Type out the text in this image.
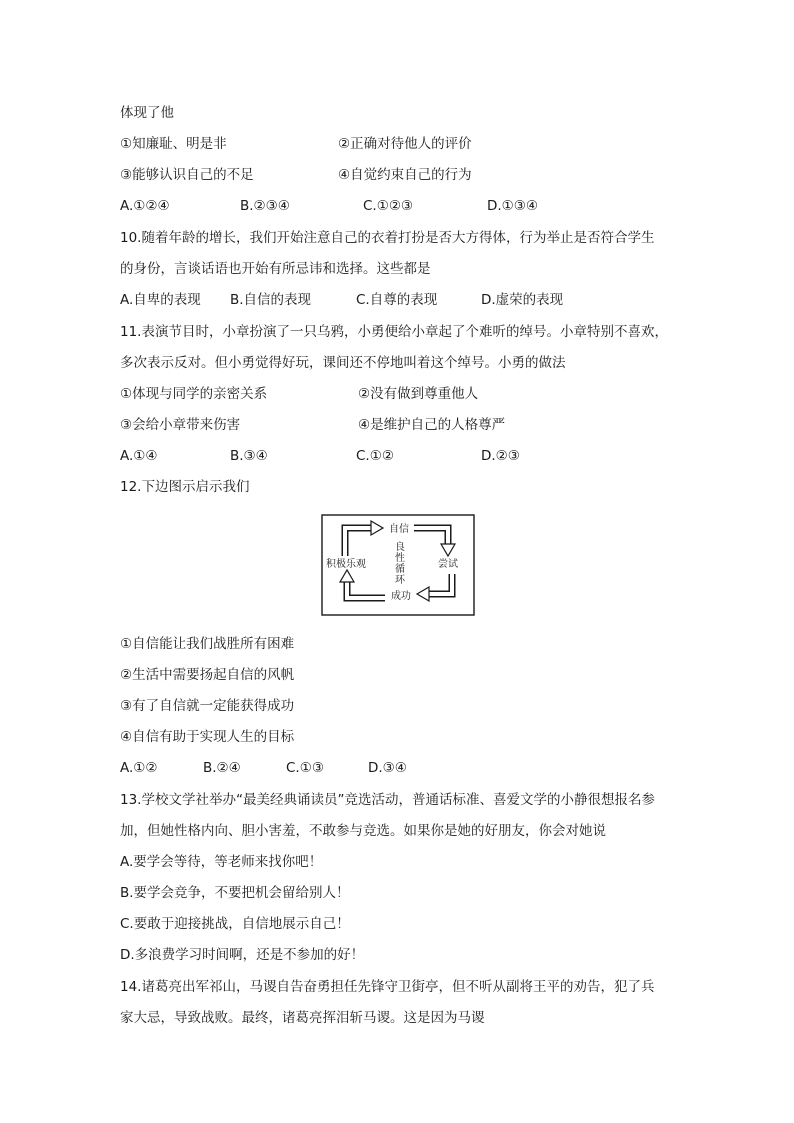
体现了他
①知廉耻、明是非	②正确对待他人的评价
③能够认识自己的不足	④自觉约束自己的行为
A.①②④	B.②③④	C.①②③	D.①③④
10.随着年龄的增长，我们开始注意自己的衣着打扮是否大方得体，行为举止是否符合学生
的身份，言谈话语也开始有所忌讳和选择。这些都是
A.自卑的表现 B.自信的表现	C.自尊的表现	D.虚荣的表现
11.表演节目时，小章扮演了一只乌鸦，小勇便给小章起了个难听的绰号。小章特别不喜欢，
多次表示反对。但小勇觉得好玩，课间还不停地叫着这个绰号。小勇的做法
①体现与同学的亲密关系	②没有做到尊重他人
③会给小章带来伤害	④是维护自己的人格尊严
A.①④	B.③④	C.①②	D.②③
12.下边图示启示我们
自信
尝试
成功
积极乐观
良
性
循
环
①自信能让我们战胜所有困难
②生活中需要扬起自信的风帆
③有了自信就一定能获得成功
④自信有助于实现人生的目标
A.①②	B.②④	C.①③	D.③④
13.学校文学社举办“最美经典诵读员”竞选活动，普通话标准、喜爱文学的小静很想报名参
加，但她性格内向、胆小害羞，不敢参与竞选。如果你是她的好朋友，你会对她说
A.要学会等待，等老师来找你吧！
B.要学会竞争，不要把机会留给别人！
C.要敢于迎接挑战，自信地展示自己！
D.多浪费学习时间啊，还是不参加的好！
14.诸葛亮出军祁山，马谡自告奋勇担任先锋守卫街亭，但不听从副将王平的劝告，犯了兵
家大忌，导致战败。最终，诸葛亮挥泪斩马谡。这是因为马谡
